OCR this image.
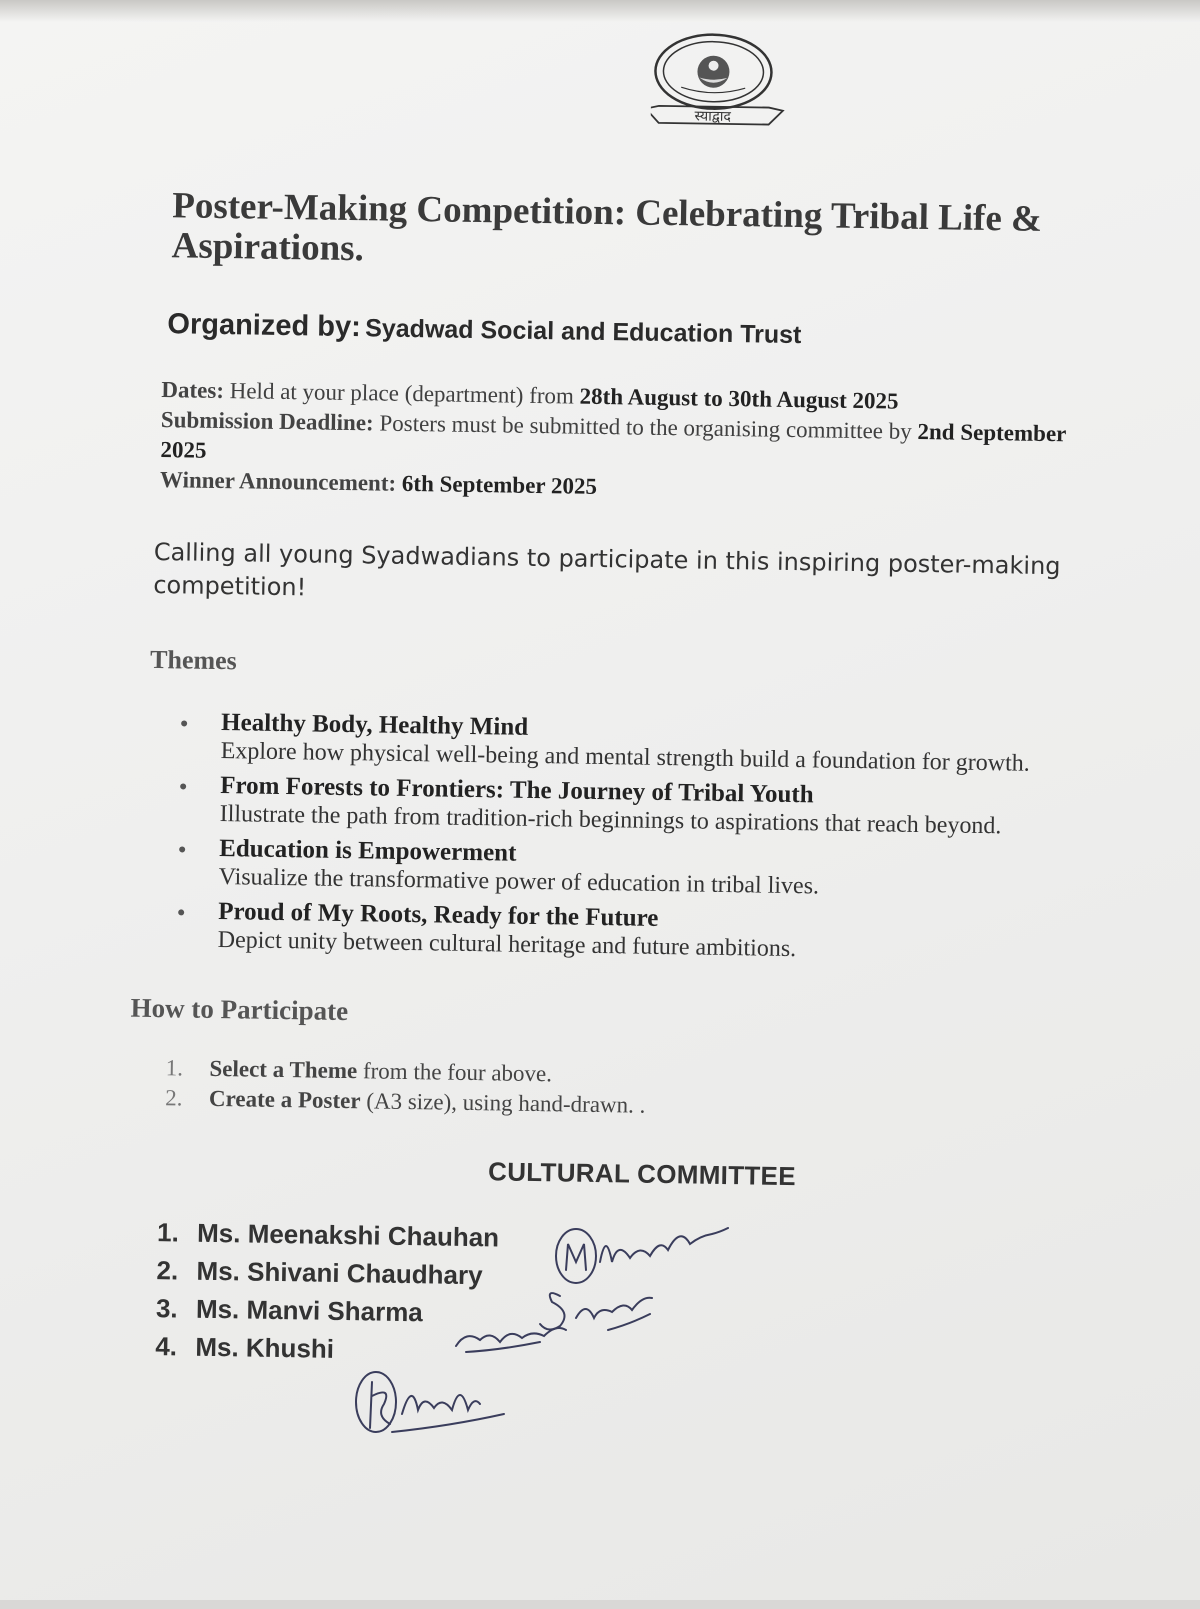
स्याद्वाद
Poster-Making Competition: Celebrating Tribal Life & Aspirations.

Organized by: Syadwad Social and Education Trust

Dates: Held at your place (department) from 28th August to 30th August 2025
Submission Deadline: Posters must be submitted to the organising committee by 2nd September 2025
Winner Announcement: 6th September 2025

Calling all young Syadwadians to participate in this inspiring poster-making competition!

Themes
Healthy Body, Healthy Mind
Explore how physical well-being and mental strength build a foundation for growth.
From Forests to Frontiers: The Journey of Tribal Youth
Illustrate the path from tradition-rich beginnings to aspirations that reach beyond.
Education is Empowerment
Visualize the transformative power of education in tribal lives.
Proud of My Roots, Ready for the Future
Depict unity between cultural heritage and future ambitions.
How to Participate
1. Select a Theme from the four above.
2. Create a Poster (A3 size), using hand-drawn. .
CULTURAL COMMITTEE
1. Ms. Meenakshi Chauhan
2. Ms. Shivani Chaudhary
3. Ms. Manvi Sharma
4. Ms. Khushi
